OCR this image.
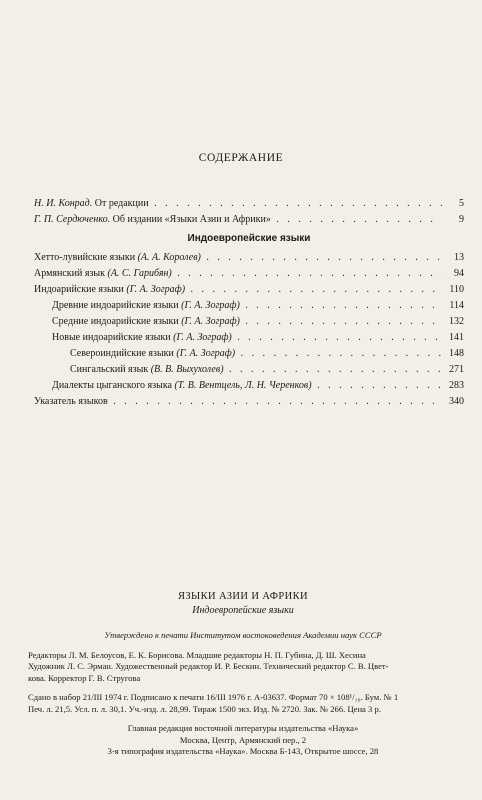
СОДЕРЖАНИЕ
Н. И. Конрад. От редакции . . .	5
Г. П. Сердюченко. Об издании «Языки Азии и Африки» . . .	9
Индоевропейские языки
Хетто-лувийские языки (А. А. Королев) . . .	13
Армянский язык (А. С. Гарибян) . . .	94
Индоарийские языки (Г. А. Зограф) . . .	110
Древние индоарийские языки (Г. А. Зограф) . . .	114
Средние индоарийские языки (Г. А. Зограф) . . .	132
Новые индоарийские языки (Г. А. Зограф) . . .	141
Североиндийские языки (Г. А. Зограф) . . .	148
Сингальский язык (В. В. Выхухолев) . . .	271
Диалекты цыганского языка (Т. В. Вентцель, Л. Н. Черенков) . . .	283
Указатель языков . . .	340
ЯЗЫКИ АЗИИ И АФРИКИ
Индоевропейские языки
Утверждено к печати Институтом востоковедения Академии наук СССР
Редакторы Л. М. Белоусов, Е. К. Борисова. Младшие редакторы Н. П. Губина, Д. Ш. Хесина
Художник Л. С. Эрман. Художественный редактор И. Р. Бескин. Технический редактор С. В. Цвет-
кова. Корректор Г. В. Стругова
Сдано в набор 21/III 1974 г. Подписано к печати 16/III 1976 г. А-03637. Формат 70 × 108¹/₁₆. Бум. № 1
Печ. л. 21,5. Усл. п. л. 30,1. Уч.-изд. л. 28,99. Тираж 1500 экз. Изд. № 2720. Зак. № 266. Цена 3 р.
Главная редакция восточной литературы издательства «Наука»
Москва, Центр, Армянский пер., 2
3-я типография издательства «Наука». Москва Б-143, Открытое шоссе, 28
